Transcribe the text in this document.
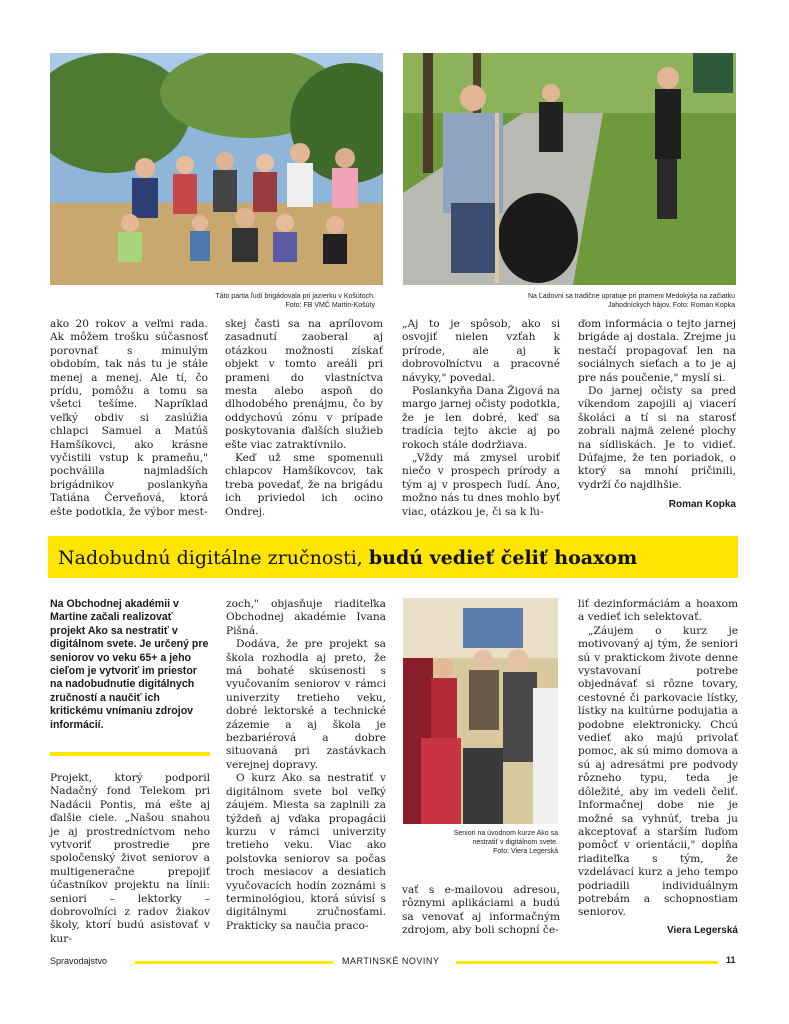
Táto partia ľudí brigádovala pri jazierku v Košútoch.
Foto: FB VMČ Martin-Košúty
Na Ľadovni sa tradične upratuje pri prameni Medokýša na začiatku
Jahodníckych hájov. Foto: Roman Kopka

ako 20 rokov a veľmi rada. Ak môžem trošku súčasnosť porovnať s minulým obdobím, tak nás tu je stále menej a menej. Ale tí, čo prídu, pomôžu a tomu sa všetci tešíme. Napríklad veľký obdiv si zaslúžia chlapci Samuel a Matúš Hamšíkovci, ako krásne vyčistili vstup k prameňu," pochválila najmladších brigádnikov poslankyňa Tatiána Červeňová, ktorá ešte podotkla, že výbor mest-

skej časti sa na aprílovom zasadnutí zaoberal aj otázkou možnosti získať objekt v tomto areáli pri prameni do vlastníctva mesta alebo aspoň do dlhodobého prenájmu, čo by oddychovú zónu v prípade poskytovania ďalších služieb ešte viac zatraktívnilo.

Keď už sme spomenuli chlapcov Hamšíkovcov, tak treba povedať, že na brigádu ich priviedol ich ocino Ondrej.

„Aj to je spôsob, ako si osvojiť nielen vzťah k prírode, ale aj k dobrovoľníctvu a pracovné návyky," povedal.

Poslankyňa Dana Žigová na margo jarnej očisty podotkla, že je len dobré, keď sa tradícia tejto akcie aj po rokoch stále dodržiava.

„Vždy má zmysel urobiť niečo v prospech prírody a tým aj v prospech ľudí. Áno, možno nás tu dnes mohlo byť viac, otázkou je, či sa k ľu-

ďom informácia o tejto jarnej brigáde aj dostala. Zrejme ju nestačí propagovať len na sociálnych sieťach a to je aj pre nás poučenie," myslí si.

Do jarnej očisty sa pred víkendom zapojili aj viacerí školáci a tí si na starosť zobrali najmä zelené plochy na sídliskách. Je to vidieť. Dúfajme, že ten poriadok, o ktorý sa mnohí pričinili, vydrží čo najdlhšie.

Roman Kopka
Nadobudnú digitálne zručnosti, budú vedieť čeliť hoaxom
Na Obchodnej akadémii v Martine začali realizovať projekt Ako sa nestratiť v digitálnom svete. Je určený pre seniorov vo veku 65+ a jeho cieľom je vytvoriť im priestor na nadobudnutie digitálnych zručností a naučiť ich kritickému vnímaniu zdrojov informácií.

Projekt, ktorý podporil Nadačný fond Telekom pri Nadácii Pontis, má ešte aj ďalšie ciele. „Našou snahou je aj prostredníctvom neho vytvoriť prostredie pre spoločenský život seniorov a multigeneračne prepojiť účastníkov projektu na línii: seniori – lektorky – dobrovoľníci z radov žiakov školy, ktorí budú asistovať v kur-

zoch," objasňuje riaditeľka Obchodnej akadémie Ivana Pišná.

Dodáva, že pre projekt sa škola rozhodla aj preto, že má bohaté skúsenosti s vyučovaním seniorov v rámci univerzity tretieho veku, dobré lektorské a technické zázemie a aj škola je bezbariérová a dobre situovaná pri zastávkach verejnej dopravy.

O kurz Ako sa nestratiť v digitálnom svete bol veľký záujem. Miesta sa zaplnili za týždeň aj vďaka propagácii kurzu v rámci univerzity tretieho veku. Viac ako polstovka seniorov sa počas troch mesiacov a desiatich vyučovacích hodín zoznámi s terminológiou, ktorá súvisí s digitálnymi zručnosťami. Prakticky sa naučia praco-

Seniori na úvodnom kurze Ako sa
nestratiť v digitálnom svete.
Foto: Viera Legerská

vať s e-mailovou adresou, rôznymi aplikáciami a budú sa venovať aj informačným zdrojom, aby boli schopní če-

liť dezinformáciám a hoaxom a vedieť ich selektovať.

„Záujem o kurz je motivovaný aj tým, že seniori sú v praktickom živote denne vystavovaní potrebe objednávať si rôzne tovary, cestovné či parkovacie lístky, lístky na kultúrne podujatia a podobne elektronicky. Chcú vedieť ako majú privolať pomoc, ak sú mimo domova a sú aj adresátmi pre podvody rôzneho typu, teda je dôležité, aby im vedeli čeliť. Informačnej dobe nie je možné sa vyhnúť, treba ju akceptovať a starším ľuďom pomôcť v orientácii," dopĺňa riaditeľka s tým, že vzdelávací kurz a jeho tempo podriadili individuálnym potrebám a schopnostiam seniorov.

Viera Legerská
Spravodajstvo	MARTINSKÉ NOVINY	11
